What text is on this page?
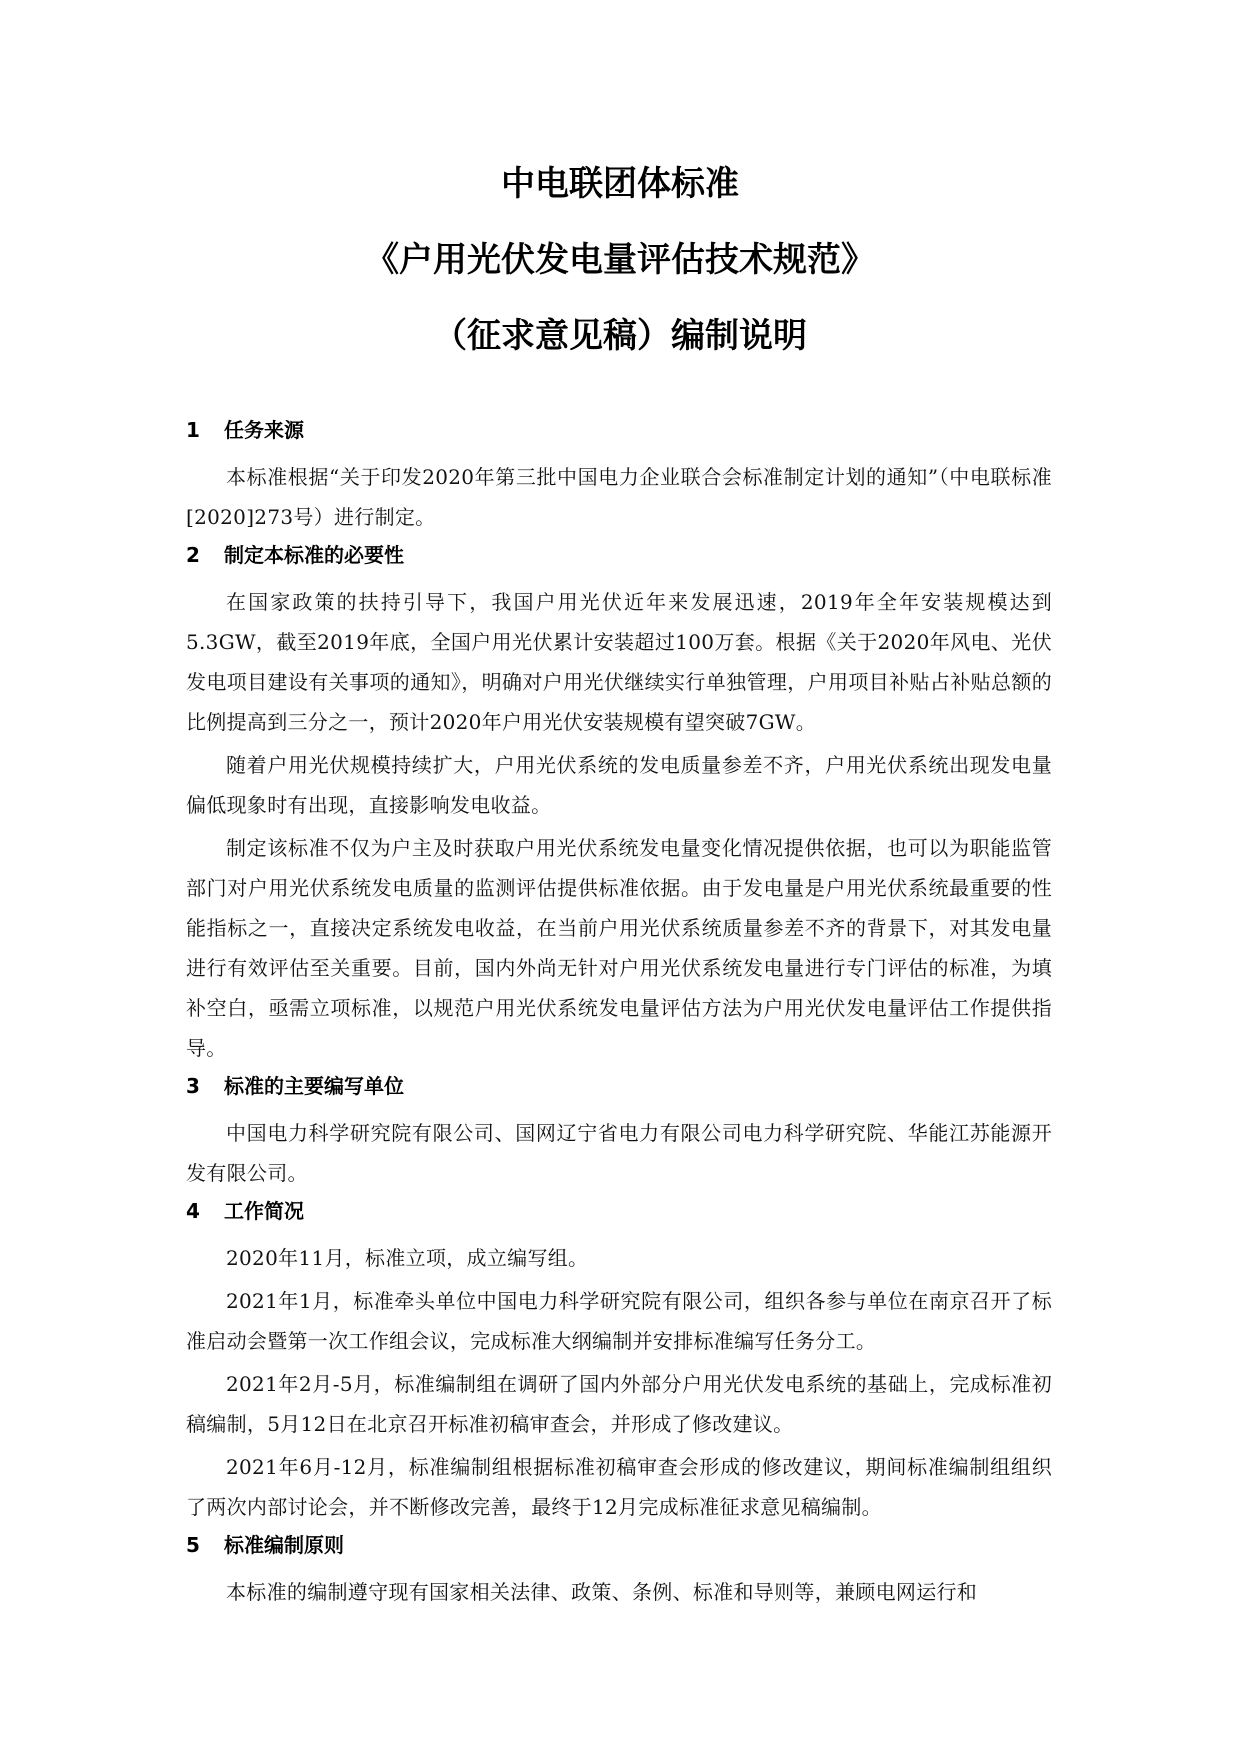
中电联团体标准
《户用光伏发电量评估技术规范》
（征求意见稿）编制说明
1 任务来源

本标准根据“关于印发2020年第三批中国电力企业联合会标准制定计划的通知”（中电联标准[2020]273号）进行制定。

2 制定本标准的必要性

在国家政策的扶持引导下，我国户用光伏近年来发展迅速，2019年全年安装规模达到5.3GW，截至2019年底，全国户用光伏累计安装超过100万套。根据《关于2020年风电、光伏发电项目建设有关事项的通知》，明确对户用光伏继续实行单独管理，户用项目补贴占补贴总额的比例提高到三分之一，预计2020年户用光伏安装规模有望突破7GW。

随着户用光伏规模持续扩大，户用光伏系统的发电质量参差不齐，户用光伏系统出现发电量偏低现象时有出现，直接影响发电收益。

制定该标准不仅为户主及时获取户用光伏系统发电量变化情况提供依据，也可以为职能监管部门对户用光伏系统发电质量的监测评估提供标准依据。由于发电量是户用光伏系统最重要的性能指标之一，直接决定系统发电收益，在当前户用光伏系统质量参差不齐的背景下，对其发电量进行有效评估至关重要。目前，国内外尚无针对户用光伏系统发电量进行专门评估的标准，为填补空白，亟需立项标准，以规范户用光伏系统发电量评估方法为户用光伏发电量评估工作提供指导。

3 标准的主要编写单位

中国电力科学研究院有限公司、国网辽宁省电力有限公司电力科学研究院、华能江苏能源开发有限公司。

4 工作简况

2020年11月，标准立项，成立编写组。

2021年1月，标准牵头单位中国电力科学研究院有限公司，组织各参与单位在南京召开了标准启动会暨第一次工作组会议，完成标准大纲编制并安排标准编写任务分工。

2021年2月-5月，标准编制组在调研了国内外部分户用光伏发电系统的基础上，完成标准初稿编制，5月12日在北京召开标准初稿审查会，并形成了修改建议。

2021年6月-12月，标准编制组根据标准初稿审查会形成的修改建议，期间标准编制组组织了两次内部讨论会，并不断修改完善，最终于12月完成标准征求意见稿编制。

5 标准编制原则

本标准的编制遵守现有国家相关法律、政策、条例、标准和导则等，兼顾电网运行和
